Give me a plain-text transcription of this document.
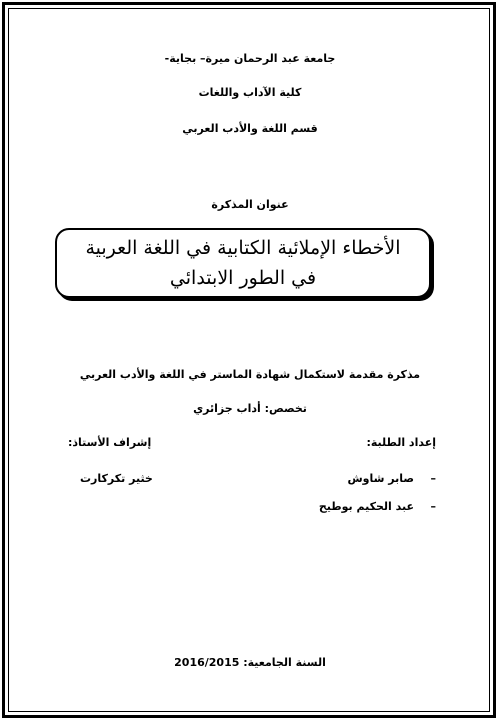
جامعة عبد الرحمان ميرة– بجاية-
كلية الآداب واللغات
قسم اللغة والأدب العربي
عنوان المذكرة
الأخطاء الإملائية الكتابية في اللغة العربية في الطور الابتدائي
مذكرة مقدمة لاستكمال شهادة الماستر في اللغة والأدب العربي
تخصص: أداب جزائري
إعداد الطلبة:
إشراف الأستاذ:
–
صابر شاوش
خثير تكركارت
–
عبد الحكيم بوطيح
السنة الجامعية: 2016/2015
